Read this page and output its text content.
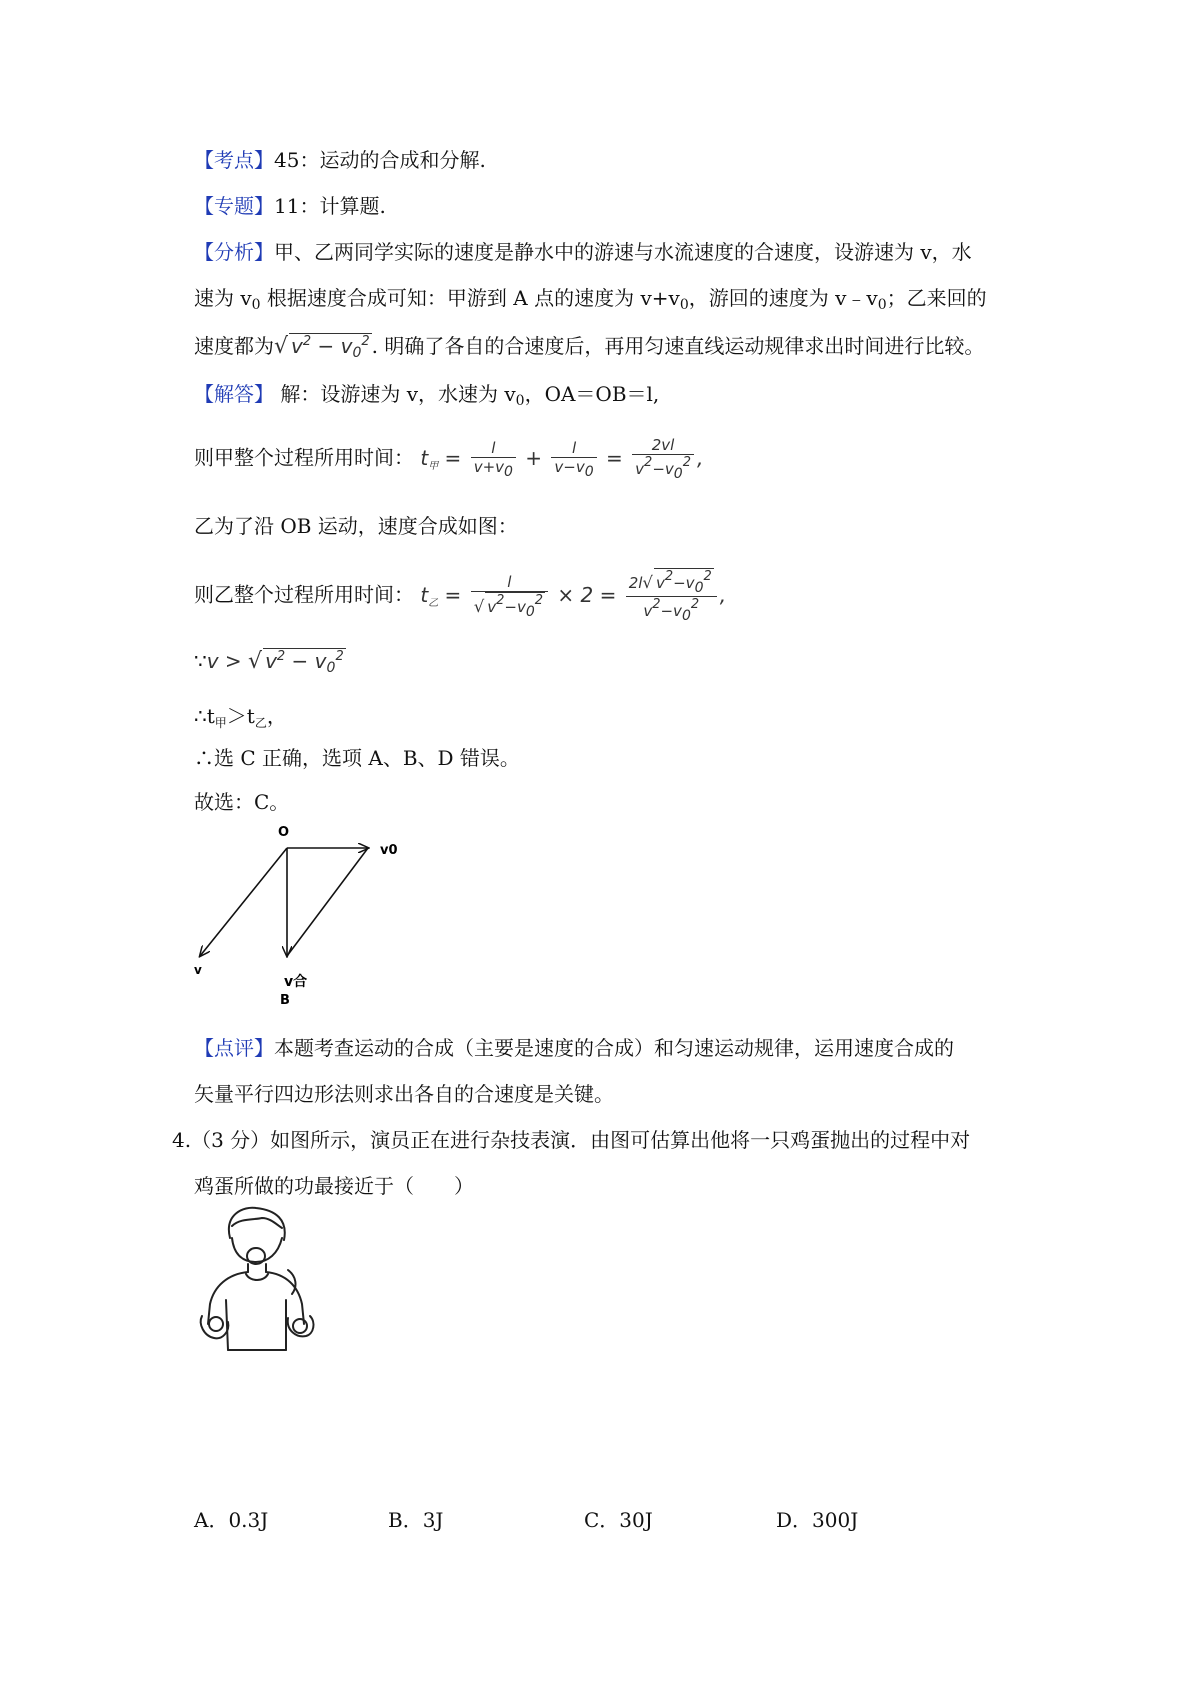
【考点】45：运动的合成和分解.
【专题】11：计算题.
【分析】甲、乙两同学实际的速度是静水中的游速与水流速度的合速度，设游速为 v，水
速为 $v_0$ 根据速度合成可知：甲游到 A 点的速度为 $v+v_0$，游回的速度为 $v﹣v_0$；乙来回的
速度都为√ $v^2 - v_0^2$ . 明确了各自的合速度后，再用匀速直线运动规律求出时间进行比较。
【解答】 解：设游速为 v，水速为 $v_0$，OA＝OB＝l,
则甲整个过程所用时间： $t_甲 = \frac{l}{v+v0} + \frac{l}{v-v0} = \frac{2vl}{v2-v02}$ ,
乙为了沿 OB 运动，速度合成如图：
则乙整个过程所用时间： $t_乙 = \frac{l}{√ v2-v02} \times 2 = \frac{2l√ v2-v02}{v2-v02}$ ,
∵v > √ $v^2 - v_0^2$
$\therefore t_甲>t_乙$，
∴选 C 正确，选项 A、B、D 错误。
故选：C。
O
v0
v
v合
B
【点评】本题考查运动的合成（主要是速度的合成）和匀速运动规律，运用速度合成的
矢量平行四边形法则求出各自的合速度是关键。
4.（3 分）如图所示，演员正在进行杂技表演．由图可估算出他将一只鸡蛋抛出的过程中对
鸡蛋所做的功最接近于（　　）
A．0.3J	B．3J	C．30J	D．300J
